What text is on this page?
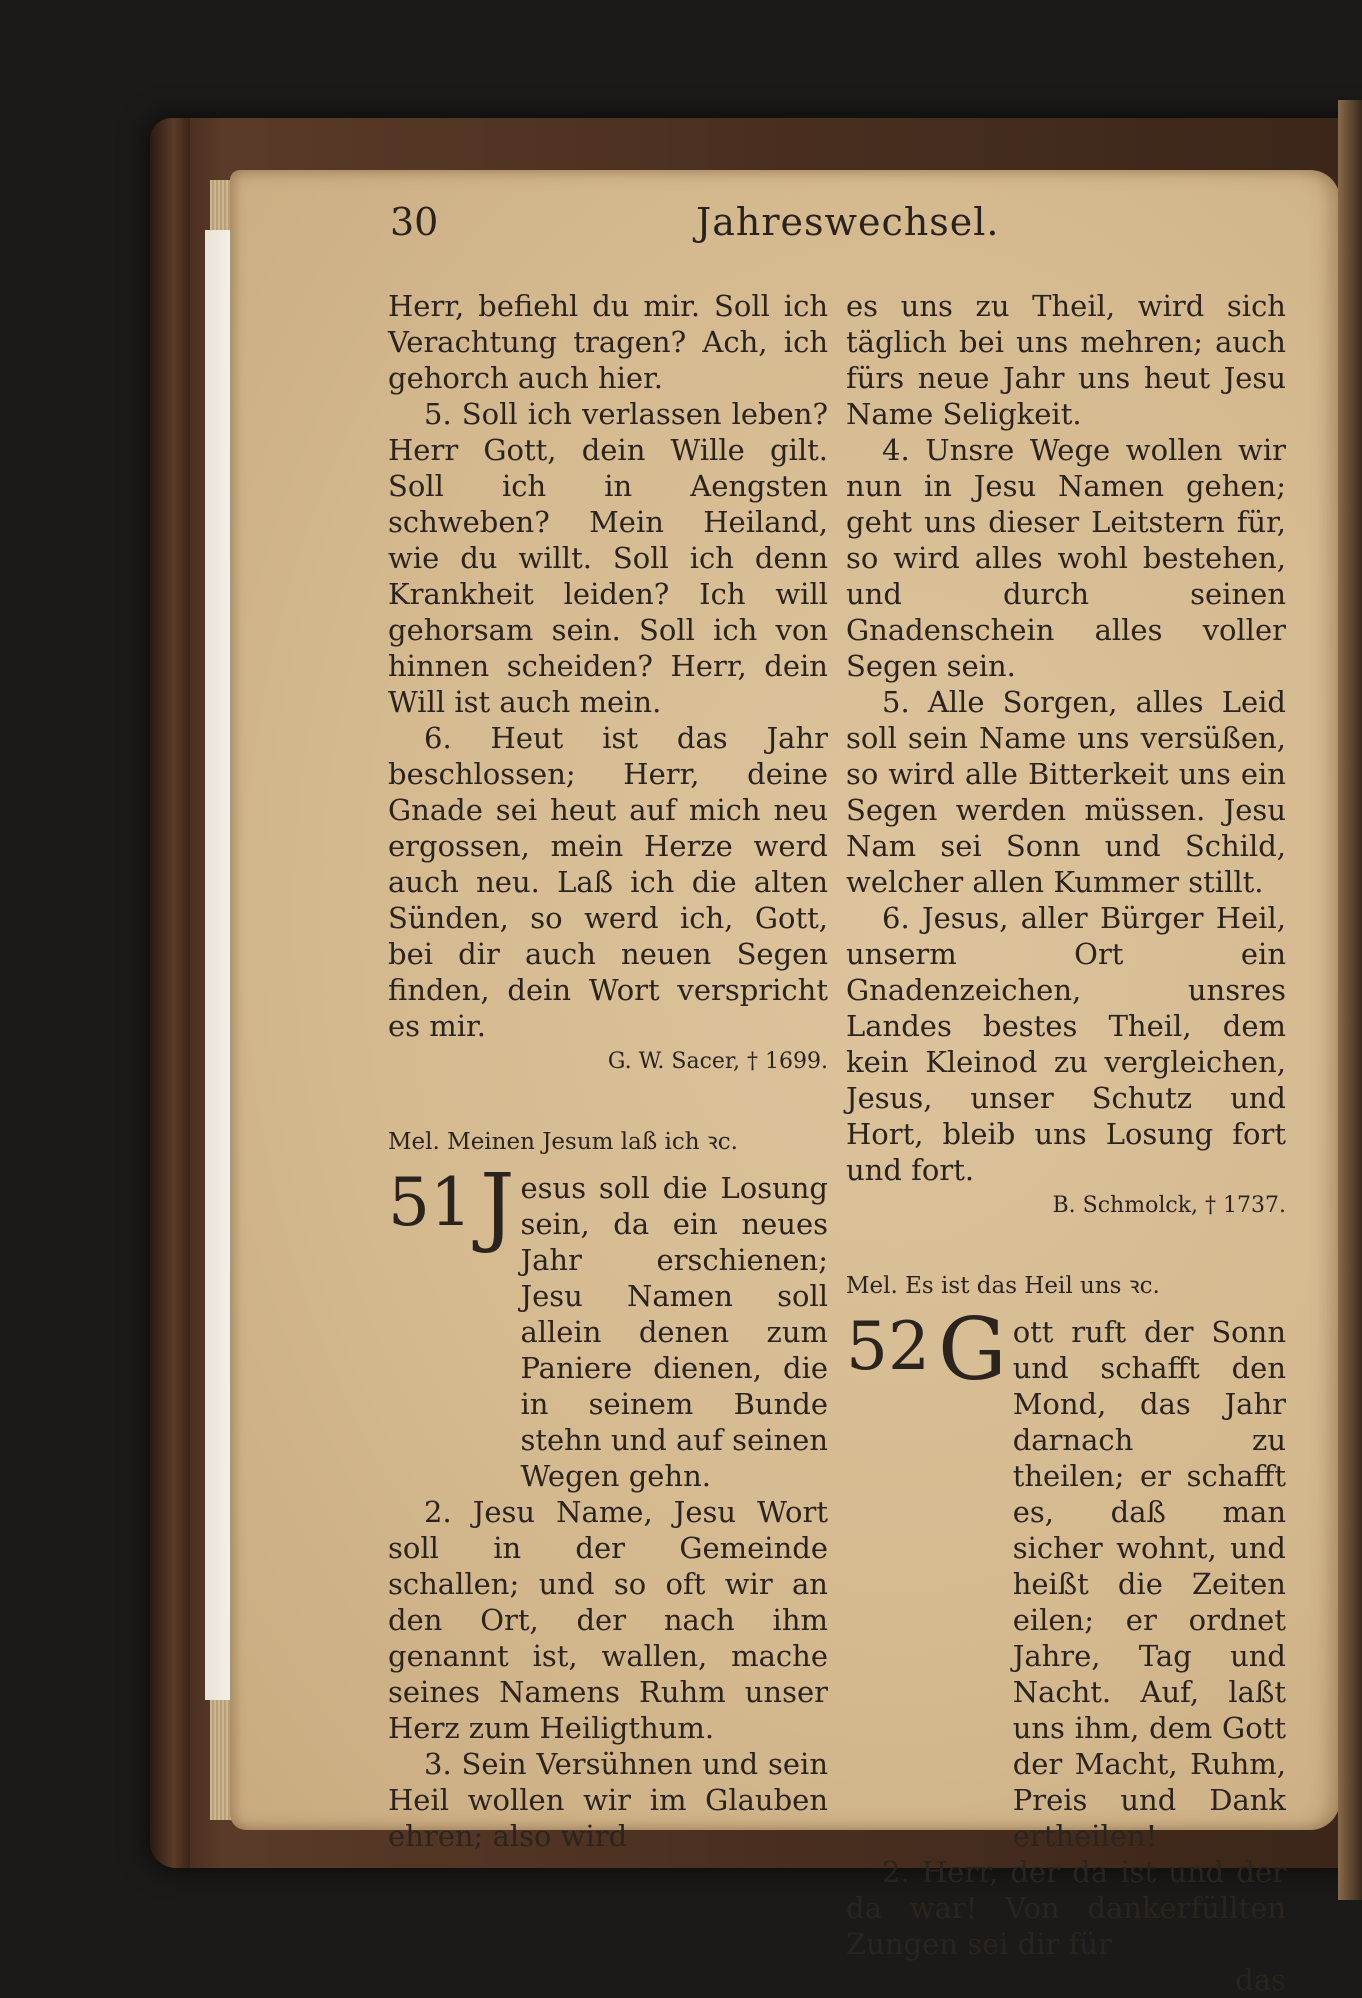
30	Jahreswechsel.

Herr, befiehl du mir. Soll ich Verachtung tragen? Ach, ich gehorch auch hier.

5. Soll ich verlassen leben? Herr Gott, dein Wille gilt. Soll ich in Aengsten schweben? Mein Heiland, wie du willt. Soll ich denn Krankheit leiden? Ich will gehorsam sein. Soll ich von hinnen scheiden? Herr, dein Will ist auch mein.

6. Heut ist das Jahr beschlossen; Herr, deine Gnade sei heut auf mich neu ergossen, mein Herze werd auch neu. Laß ich die alten Sünden, so werd ich, Gott, bei dir auch neuen Segen finden, dein Wort verspricht es mir.

G. W. Sacer, † 1699.

Mel. Meinen Jesum laß ich ꝛc.

51 J esus soll die Losung sein, da ein neues Jahr erschienen; Jesu Namen soll allein denen zum Paniere dienen, die in seinem Bunde stehn und auf seinen Wegen gehn.

2. Jesu Name, Jesu Wort soll in der Gemeinde schallen; und so oft wir an den Ort, der nach ihm genannt ist, wallen, mache seines Namens Ruhm unser Herz zum Heiligthum.

3. Sein Versühnen und sein Heil wollen wir im Glauben ehren; also wird

es uns zu Theil, wird sich täglich bei uns mehren; auch fürs neue Jahr uns heut Jesu Name Seligkeit.

4. Unsre Wege wollen wir nun in Jesu Namen gehen; geht uns dieser Leitstern für, so wird alles wohl bestehen, und durch seinen Gnadenschein alles voller Segen sein.

5. Alle Sorgen, alles Leid soll sein Name uns versüßen, so wird alle Bitterkeit uns ein Segen werden müssen. Jesu Nam sei Sonn und Schild, welcher allen Kummer stillt.

6. Jesus, aller Bürger Heil, unserm Ort ein Gnadenzeichen, unsres Landes bestes Theil, dem kein Kleinod zu vergleichen, Jesus, unser Schutz und Hort, bleib uns Losung fort und fort.

B. Schmolck, † 1737.

Mel. Es ist das Heil uns ꝛc.

52 G ott ruft der Sonn und schafft den Mond, das Jahr darnach zu theilen; er schafft es, daß man sicher wohnt, und heißt die Zeiten eilen; er ordnet Jahre, Tag und Nacht. Auf, laßt uns ihm, dem Gott der Macht, Ruhm, Preis und Dank ertheilen!

2. Herr, der da ist und der da war! Von dankerfüllten Zungen sei dir für

das
